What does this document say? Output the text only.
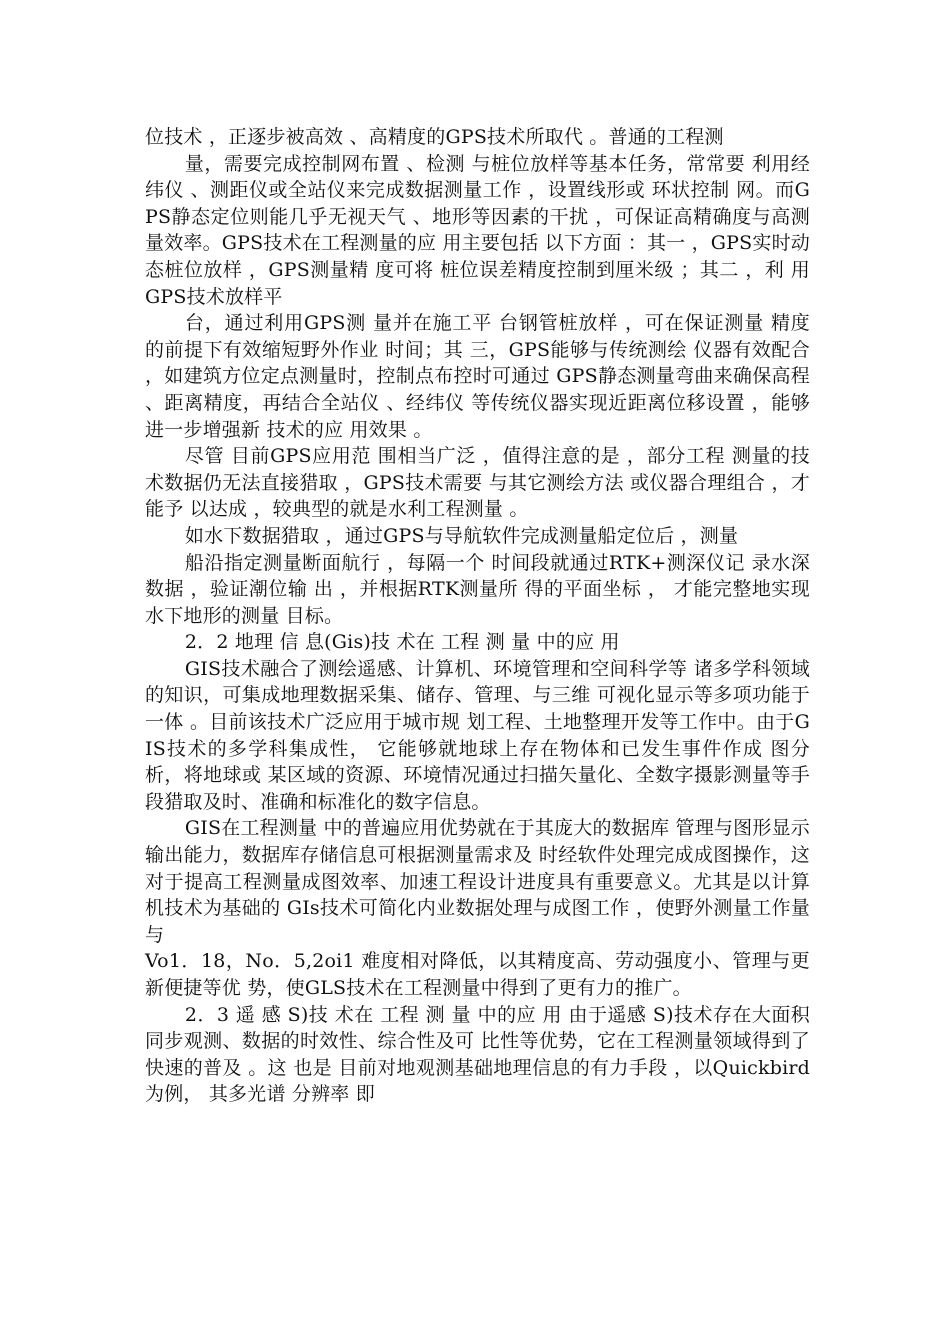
位技术 ，正逐步被高效 、高精度的GPS技术所取代 。普通的工程测

量，需要完成控制网布置 、检测 与桩位放样等基本任务，常常要 利用经纬仪 、测距仪或全站仪来完成数据测量工作 ，设置线形或 环状控制 网。而GPS静态定位则能几乎无视天气 、地形等因素的干扰 ，可保证高精确度与高测量效率。GPS技术在工程测量的应 用主要包括 以下方面 ：其一 ，GPS实时动态桩位放样 ，GPS测量精 度可将 桩位误差精度控制到厘米级 ；其二 ，利 用GPS技术放样平

台，通过利用GPS测 量并在施工平 台钢管桩放样 ，可在保证测量 精度 的前提下有效缩短野外作业 时间；其 三，GPS能够与传统测绘 仪器有效配合 ，如建筑方位定点测量时，控制点布控时可通过 GPS静态测量弯曲来确保高程 、距离精度，再结合全站仪 、经纬仪 等传统仪器实现近距离位移设置 ，能够进一步增强新 技术的应 用效果 。

尽管 目前GPS应用范 围相当广泛 ，值得注意的是 ，部分工程 测量的技术数据仍无法直接猎取 ，GPS技术需要 与其它测绘方法 或仪器合理组合 ，才能予 以达成 ，较典型的就是水利工程测量 。

如水下数据猎取 ，通过GPS与导航软件完成测量船定位后 ，测量

船沿指定测量断面航行 ，每隔一个 时间段就通过RTK+测深仪记 录水深数据 ，验证潮位输 出 ，并根据RTK测量所 得的平面坐标 ， 才能完整地实现水下地形的测量 目标。

2．2 地理 信 息(Gis)技 术在 工程 测 量 中的应 用

GIS技术融合了测绘遥感、计算机、环境管理和空间科学等 诸多学科领域的知识，可集成地理数据采集、储存、管理、与三维 可视化显示等多项功能于一体 。目前该技术广泛应用于城市规 划工程、土地整理开发等工作中。由于GIS技术的多学科集成性， 它能够就地球上存在物体和已发生事件作成 图分析，将地球或 某区域的资源、环境情况通过扫描矢量化、全数字摄影测量等手 段猎取及时、准确和标准化的数字信息。

GIS在工程测量 中的普遍应用优势就在于其庞大的数据库 管理与图形显示输出能力，数据库存储信息可根据测量需求及 时经软件处理完成成图操作，这对于提高工程测量成图效率、加速工程设计进度具有重要意义。尤其是以计算机技术为基础的 GIs技术可简化内业数据处理与成图工作 ，使野外测量工作量与

Vo1．18，No．5,2oi1 难度相对降低，以其精度高、劳动强度小、管理与更新便捷等优 势，使GLS技术在工程测量中得到了更有力的推广。

2．3 遥 感 S)技 术在 工程 测 量 中的应 用 由于遥感 S)技术存在大面积同步观测、数据的时效性、综合性及可 比性等优势，它在工程测量领域得到了快速的普及 。这 也是 目前对地观测基础地理信息的有力手段 ，以Quickbird为例， 其多光谱 分辨率 即
